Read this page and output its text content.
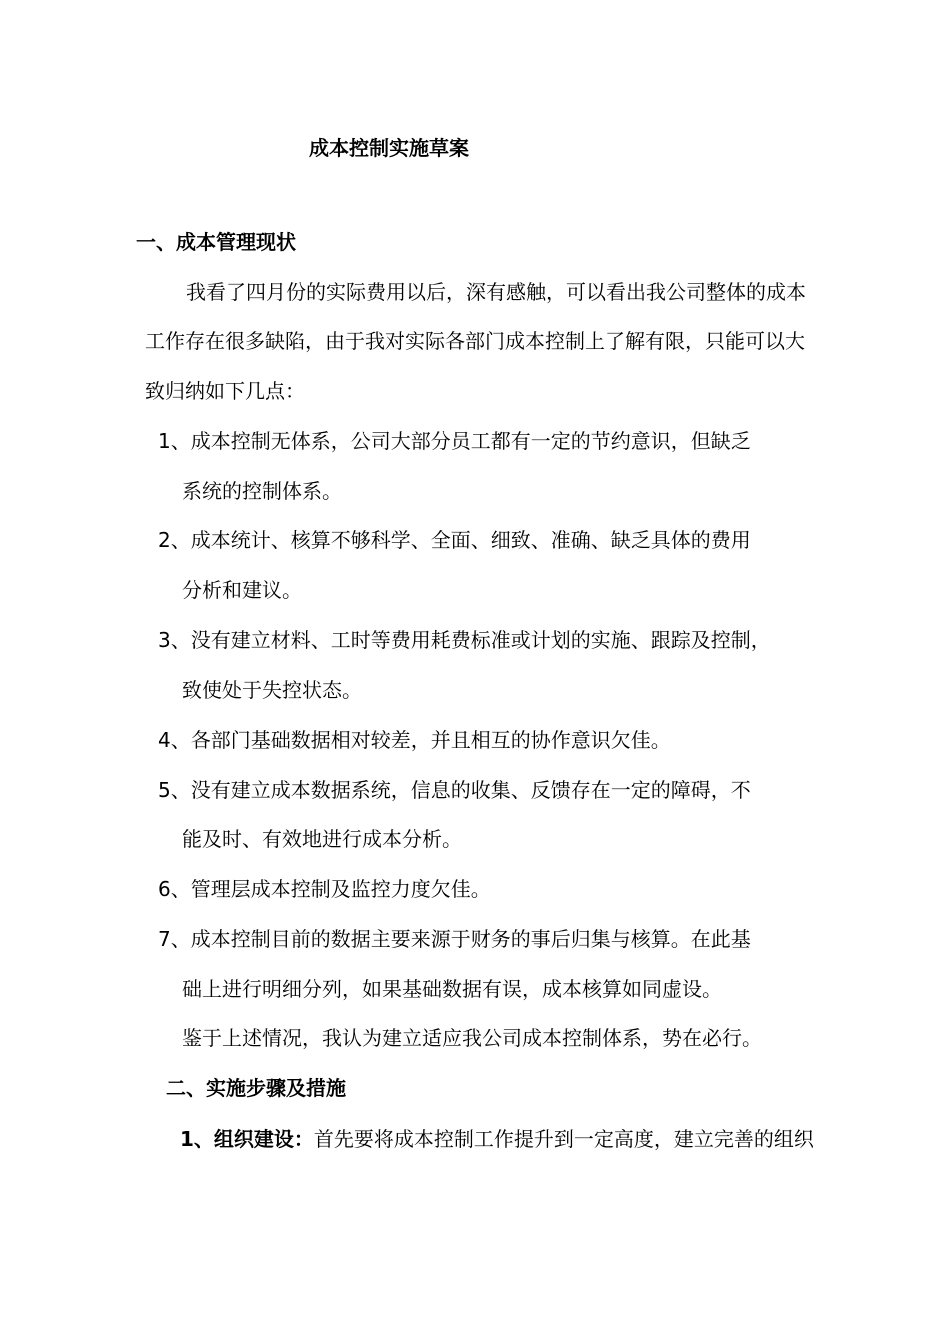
成本控制实施草案
一、成本管理现状
我看了四月份的实际费用以后，深有感触，可以看出我公司整体的成本
工作存在很多缺陷，由于我对实际各部门成本控制上了解有限，只能可以大
致归纳如下几点：
1、成本控制无体系，公司大部分员工都有一定的节约意识，但缺乏
系统的控制体系。
2、成本统计、核算不够科学、全面、细致、准确、缺乏具体的费用
分析和建议。
3、没有建立材料、工时等费用耗费标准或计划的实施、跟踪及控制，
致使处于失控状态。
4、各部门基础数据相对较差，并且相互的协作意识欠佳。
5、没有建立成本数据系统，信息的收集、反馈存在一定的障碍，不
能及时、有效地进行成本分析。
6、管理层成本控制及监控力度欠佳。
7、成本控制目前的数据主要来源于财务的事后归集与核算。在此基
础上进行明细分列，如果基础数据有误，成本核算如同虚设。
鉴于上述情况，我认为建立适应我公司成本控制体系，势在必行。
二、实施步骤及措施
1、组织建设：首先要将成本控制工作提升到一定高度，建立完善的组织
